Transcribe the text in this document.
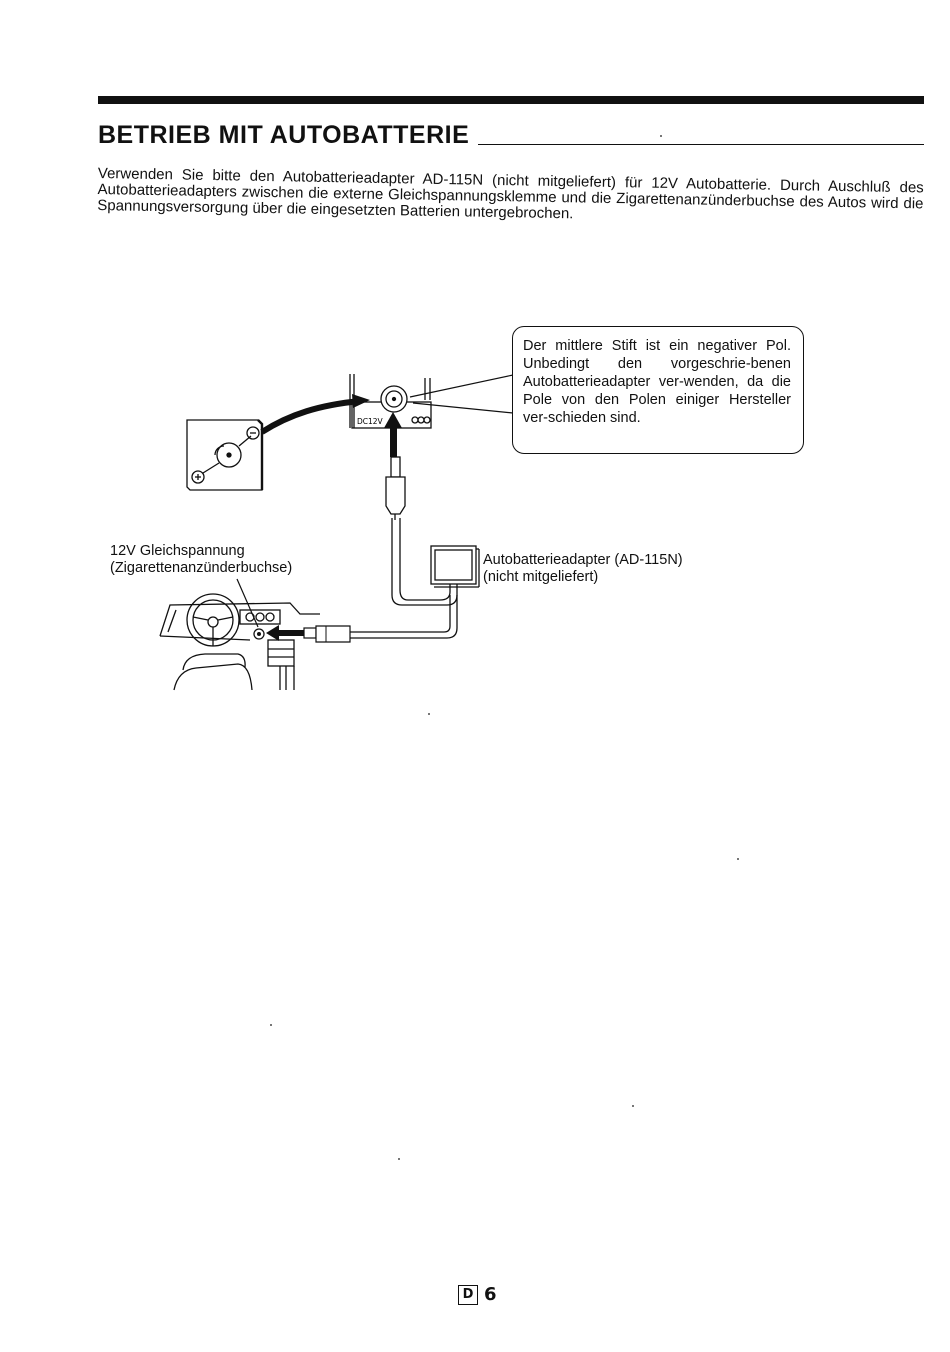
BETRIEB MIT AUTOBATTERIE

Verwenden Sie bitte den Autobatterieadapter AD-115N (nicht mitgeliefert) für 12V Autobatterie. Durch Auschluß des Autobatterieadapters zwischen die externe Gleichspannungsklemme und die Zigarettenanzünderbuchse des Autos wird die Spannungsversorgung über die eingesetzten Batterien untergebrochen.

DC12V
Der mittlere Stift ist ein negativer Pol. Unbedingt den vorgeschrie-benen Autobatterieadapter ver-wenden, da die Pole von den Polen einiger Hersteller ver-schieden sind.
12V Gleichspannung
(Zigarettenanzünderbuchse)	Autobatterieadapter (AD-115N)
(nicht mitgeliefert)
D 6
